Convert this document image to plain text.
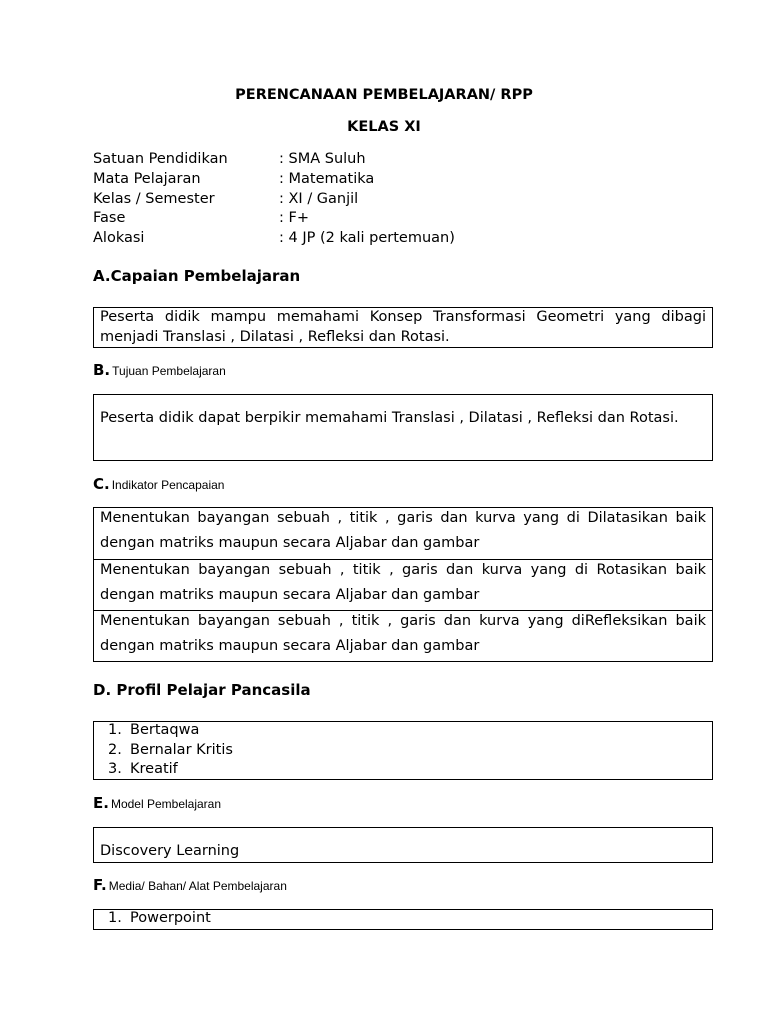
PERENCANAAN PEMBELAJARAN/ RPP
KELAS XI
Satuan Pendidikan	: SMA Suluh
Mata Pelajaran	: Matematika
Kelas / Semester	: XI / Ganjil
Fase	: F+
Alokasi	: 4 JP (2 kali pertemuan)
A.Capaian Pembelajaran
Peserta didik mampu memahami Konsep Transformasi Geometri yang dibagi menjadi Translasi , Dilatasi , Refleksi dan Rotasi.
B. Tujuan Pembelajaran
Peserta didik dapat berpikir memahami Translasi , Dilatasi , Refleksi dan Rotasi.
C. Indikator Pencapaian
Menentukan bayangan sebuah , titik , garis dan kurva yang di Dilatasikan baik dengan matriks maupun secara Aljabar dan gambar
Menentukan bayangan sebuah , titik , garis dan kurva yang di Rotasikan baik dengan matriks maupun secara Aljabar dan gambar
Menentukan bayangan sebuah , titik , garis dan kurva yang diRefleksikan baik dengan matriks maupun secara Aljabar dan gambar
D. Profil Pelajar Pancasila
1. Bertaqwa
2. Bernalar Kritis
3. Kreatif
E. Model Pembelajaran
Discovery Learning
F. Media/ Bahan/ Alat Pembelajaran
1. Powerpoint
